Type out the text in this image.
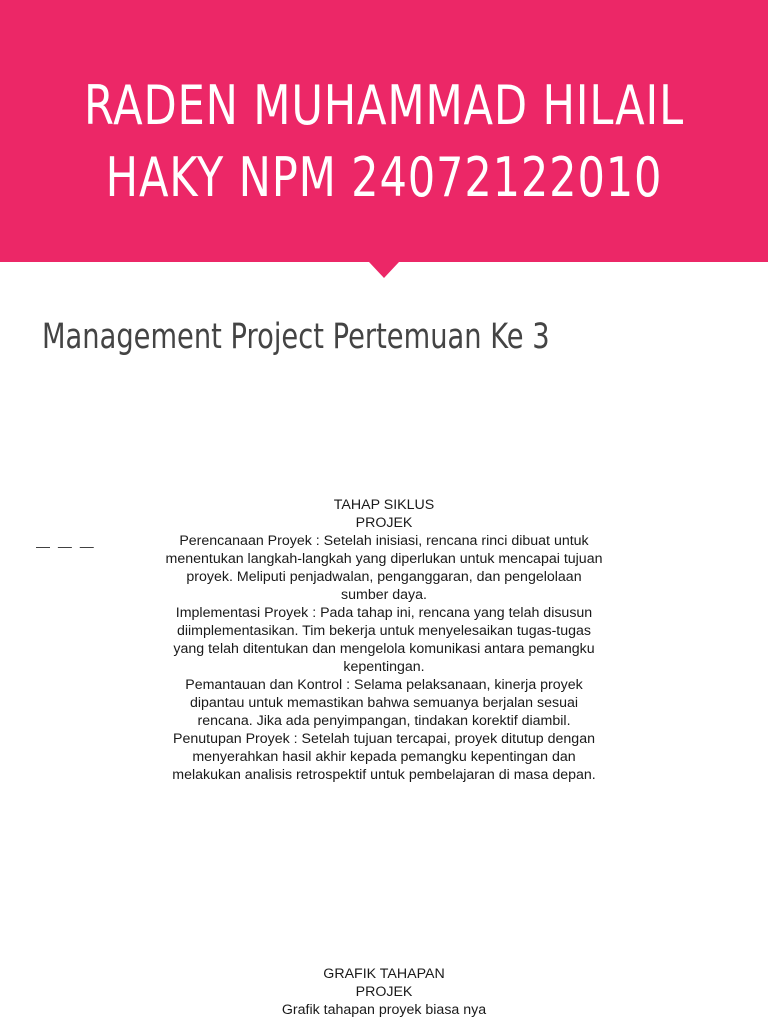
RADEN MUHAMMAD HILAIL
HAKY NPM 24072122010
Management Project Pertemuan Ke 3
— — —

TAHAP SIKLUS
PROJEK

Perencanaan Proyek : Setelah inisiasi, rencana rinci dibuat untuk menentukan langkah-langkah yang diperlukan untuk mencapai tujuan proyek. Meliputi penjadwalan, penganggaran, dan pengelolaan sumber daya.

Implementasi Proyek : Pada tahap ini, rencana yang telah disusun diimplementasikan. Tim bekerja untuk menyelesaikan tugas-tugas yang telah ditentukan dan mengelola komunikasi antara pemangku kepentingan.

Pemantauan dan Kontrol : Selama pelaksanaan, kinerja proyek dipantau untuk memastikan bahwa semuanya berjalan sesuai rencana. Jika ada penyimpangan, tindakan korektif diambil.

Penutupan Proyek : Setelah tujuan tercapai, proyek ditutup dengan menyerahkan hasil akhir kepada pemangku kepentingan dan melakukan analisis retrospektif untuk pembelajaran di masa depan.

GRAFIK TAHAPAN
PROJEK

Grafik tahapan proyek biasa nya
